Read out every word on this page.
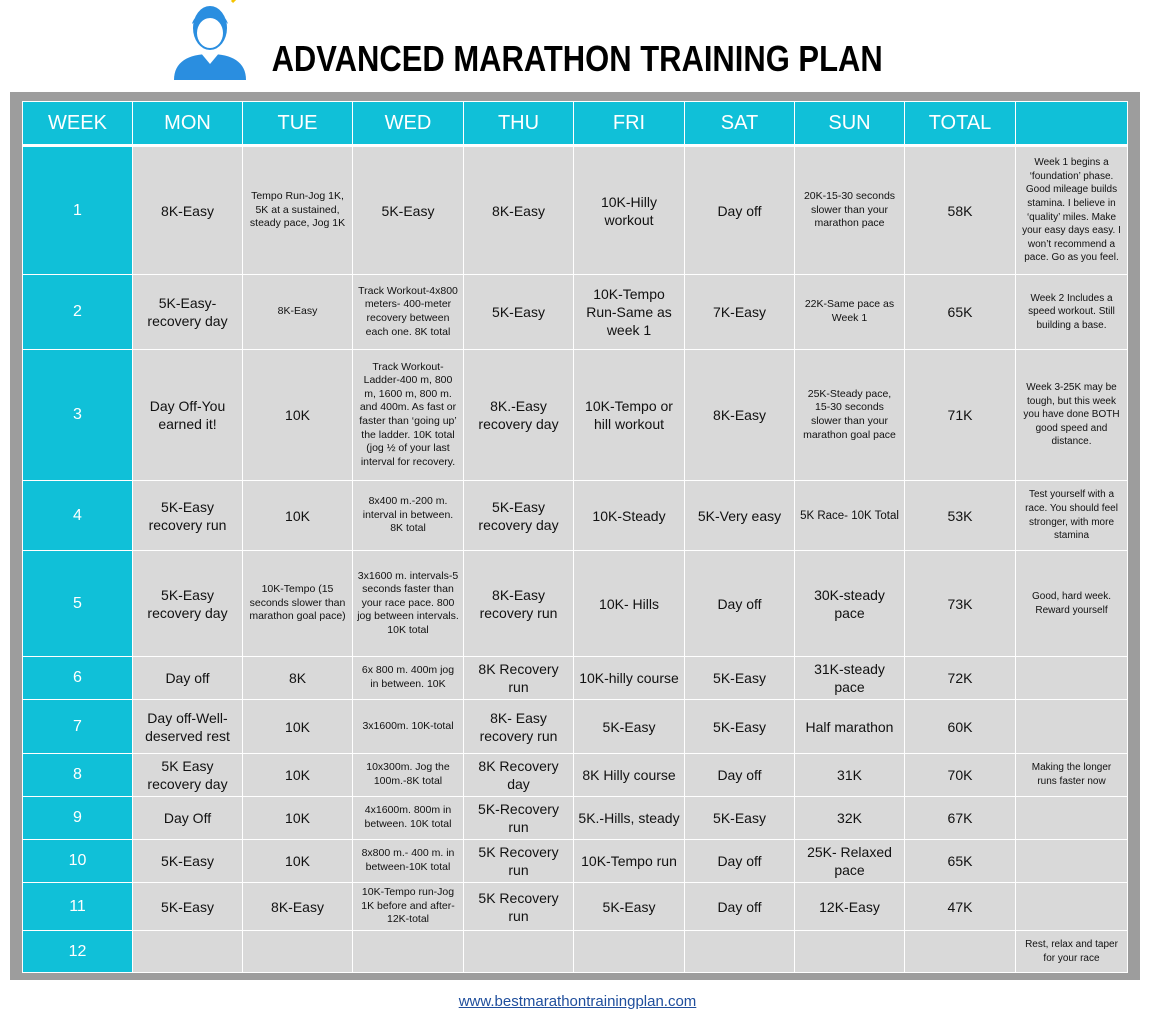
ADVANCED MARATHON TRAINING PLAN
WEEK	MON	TUE	WED	THU	FRI	SAT	SUN	TOTAL	
1	8K-Easy	Tempo Run-Jog 1K, 5K at a sustained, steady pace, Jog 1K	5K-Easy	8K-Easy	10K-Hilly workout	Day off	20K-15-30 seconds slower than your marathon pace	58K	Week 1 begins a ‘foundation’ phase. Good mileage builds stamina. I believe in ‘quality’ miles. Make your easy days easy. I won’t recommend a pace. Go as you feel.
2	5K-Easy-recovery day	8K-Easy	Track Workout-4x800 meters- 400-meter recovery between each one. 8K total	5K-Easy	10K-Tempo Run-Same as week 1	7K-Easy	22K-Same pace as Week 1	65K	Week 2 Includes a speed workout. Still building a base.
3	Day Off-You earned it!	10K	Track Workout-Ladder-400 m, 800 m, 1600 m, 800 m. and 400m. As fast or faster than ‘going up’ the ladder. 10K total (jog ½ of your last interval for recovery.	8K.-Easy recovery day	10K-Tempo or hill workout	8K-Easy	25K-Steady pace, 15-30 seconds slower than your marathon goal pace	71K	Week 3-25K may be tough, but this week you have done BOTH good speed and distance.
4	5K-Easy recovery run	10K	8x400 m.-200 m. interval in between. 8K total	5K-Easy recovery day	10K-Steady	5K-Very easy	5K Race- 10K Total	53K	Test yourself with a race. You should feel stronger, with more stamina
5	5K-Easy recovery day	10K-Tempo (15 seconds slower than marathon goal pace)	3x1600 m. intervals-5 seconds faster than your race pace. 800 jog between intervals. 10K total	8K-Easy recovery run	10K- Hills	Day off	30K-steady pace	73K	Good, hard week. Reward yourself
6	Day off	8K	6x 800 m. 400m jog in between. 10K	8K Recovery run	10K-hilly course	5K-Easy	31K-steady pace	72K	
7	Day off-Well-deserved rest	10K	3x1600m. 10K-total	8K- Easy recovery run	5K-Easy	5K-Easy	Half marathon	60K	
8	5K Easy recovery day	10K	10x300m. Jog the 100m.-8K total	8K Recovery day	8K Hilly course	Day off	31K	70K	Making the longer runs faster now
9	Day Off	10K	4x1600m. 800m in between. 10K total	5K-Recovery run	5K.-Hills, steady	5K-Easy	32K	67K	
10	5K-Easy	10K	8x800 m.- 400 m. in between-10K total	5K Recovery run	10K-Tempo run	Day off	25K- Relaxed pace	65K	
11	5K-Easy	8K-Easy	10K-Tempo run-Jog 1K before and after-12K-total	5K Recovery run	5K-Easy	Day off	12K-Easy	47K	
12									Rest, relax and taper for your race
www.bestmarathontrainingplan.com
